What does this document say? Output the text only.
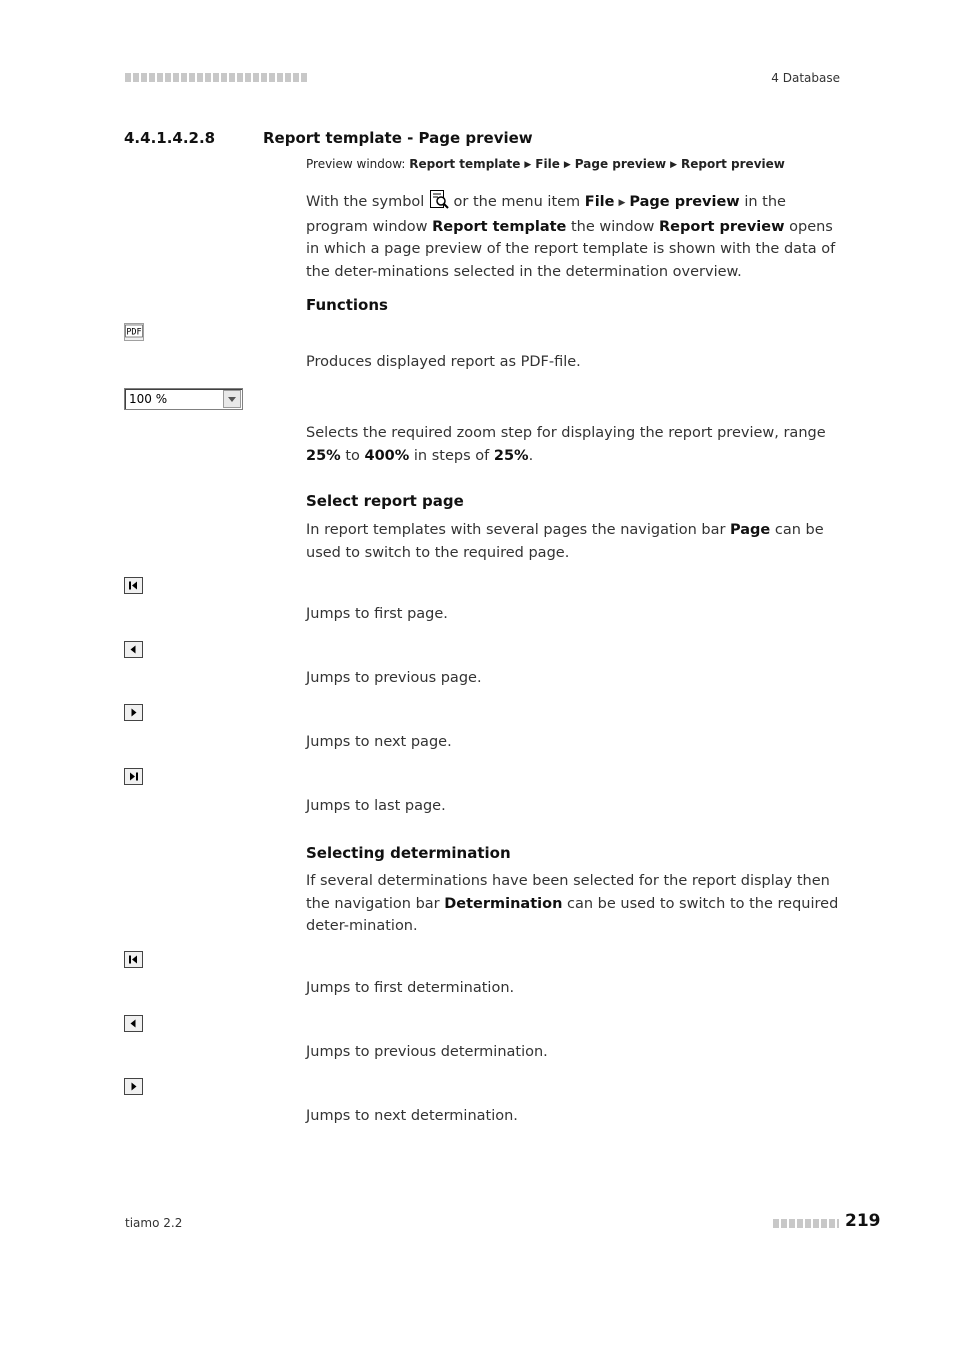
4 Database
4.4.1.4.2.8	Report template - Page preview
Preview window: Report template ▶ File ▶ Page preview ▶ Report preview
With the symbol  or the menu item File ▶ Page preview in the program window Report template the window Report preview opens in which a page preview of the report template is shown with the data of the deter-minations selected in the determination overview.
Functions
PDF
Produces displayed report as PDF-file.
100 %
Selects the required zoom step for displaying the report preview, range 25% to 400% in steps of 25%.
Select report page
In report templates with several pages the navigation bar Page can be used to switch to the required page.
Jumps to first page.
Jumps to previous page.
Jumps to next page.
Jumps to last page.
Selecting determination
If several determinations have been selected for the report display then the navigation bar Determination can be used to switch to the required deter-mination.
Jumps to first determination.
Jumps to previous determination.
Jumps to next determination.
tiamo 2.2	219
